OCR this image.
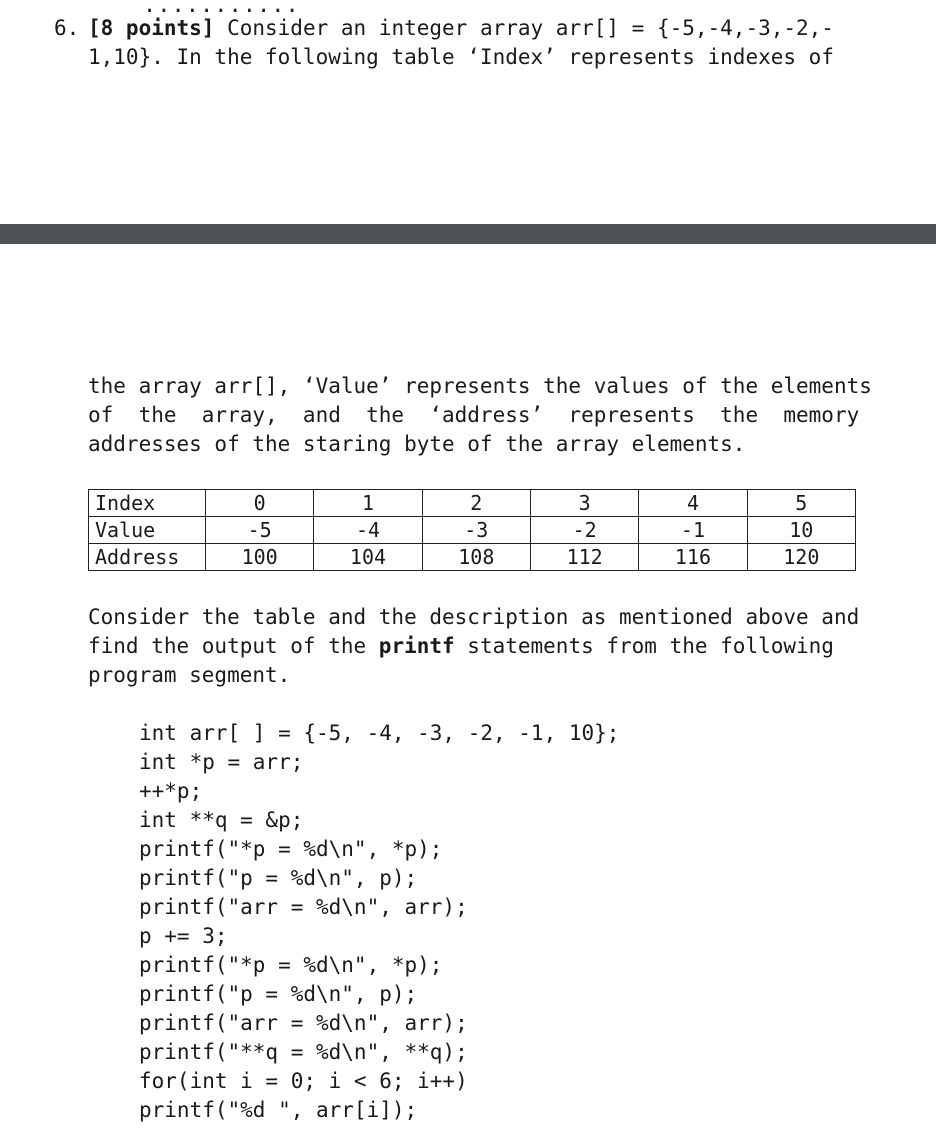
...........
6. [8 points] Consider an integer array arr[] = {-5,-4,-3,-2,-
1,10}. In the following table ‘Index’ represents indexes of
the array arr[], ‘Value’ represents the values of the elements
of  the  array,  and  the  ‘address’  represents  the  memory
addresses of the staring byte of the array elements.
Index	0	1	2	3	4	5
Value	-5	-4	-3	-2	-1	10
Address	100	104	108	112	116	120
Consider the table and the description as mentioned above and
find the output of the printf statements from the following
program segment.
int arr[ ] = {-5, -4, -3, -2, -1, 10};
int *p = arr;
++*p;
int **q = &p;
printf("*p = %d\n", *p);
printf("p = %d\n", p);
printf("arr = %d\n", arr);
p += 3;
printf("*p = %d\n", *p);
printf("p = %d\n", p);
printf("arr = %d\n", arr);
printf("**q = %d\n", **q);
for(int i = 0; i < 6; i++)
printf("%d ", arr[i]);
